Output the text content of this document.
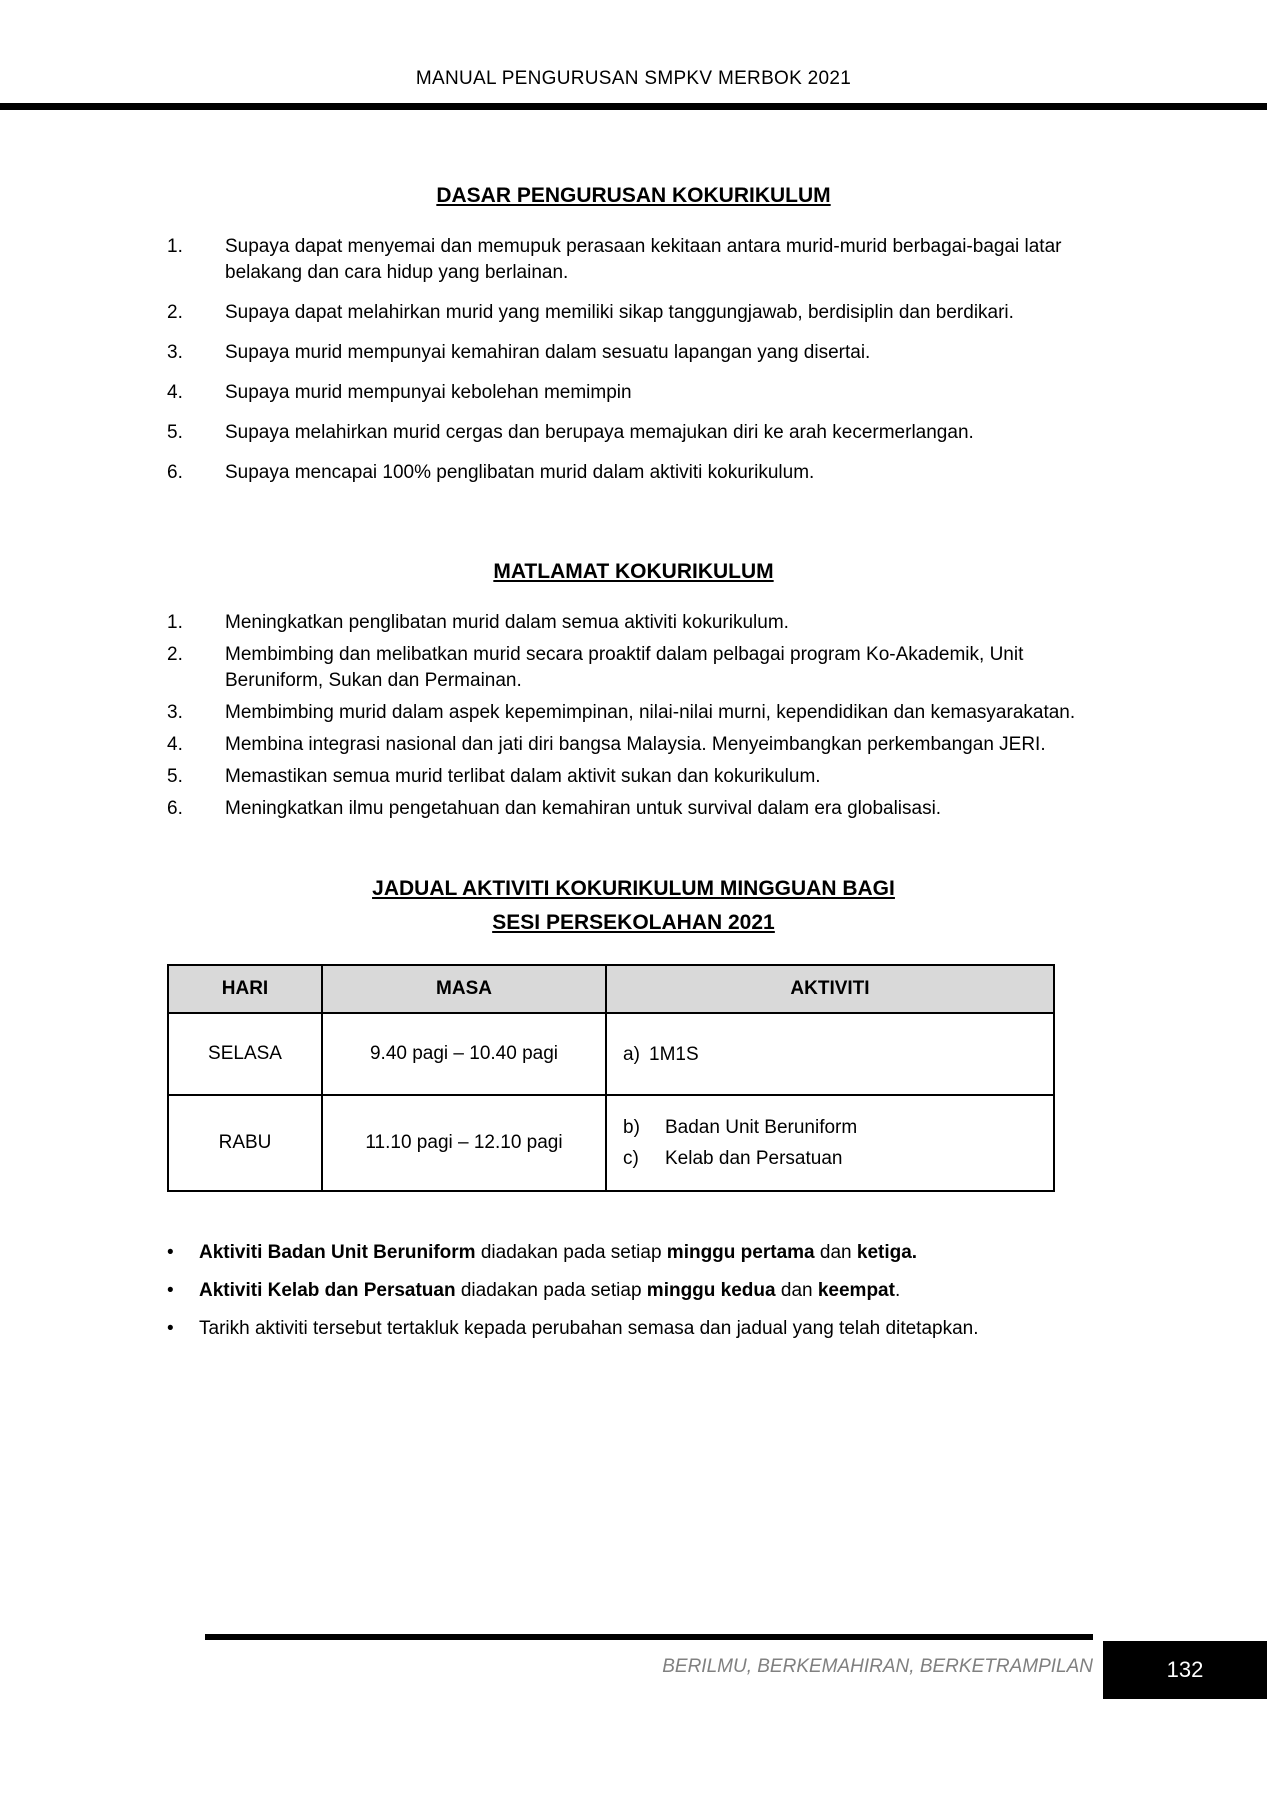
MANUAL PENGURUSAN SMPKV MERBOK 2021
DASAR PENGURUSAN KOKURIKULUM
1.	Supaya dapat menyemai dan memupuk perasaan kekitaan antara murid-murid berbagai-bagai latar belakang dan cara hidup yang berlainan.
2.	Supaya dapat melahirkan murid yang memiliki sikap tanggungjawab, berdisiplin dan berdikari.
3.	Supaya murid mempunyai kemahiran dalam sesuatu lapangan yang disertai.
4.	Supaya murid mempunyai kebolehan memimpin
5.	Supaya melahirkan murid cergas dan berupaya memajukan diri ke arah kecermerlangan.
6.	Supaya mencapai 100% penglibatan murid dalam aktiviti kokurikulum.
MATLAMAT KOKURIKULUM
1.	Meningkatkan penglibatan murid dalam semua aktiviti kokurikulum.
2.	Membimbing dan melibatkan murid secara proaktif dalam pelbagai program Ko-Akademik, Unit Beruniform, Sukan dan Permainan.
3.	Membimbing murid dalam aspek kepemimpinan, nilai-nilai murni, kependidikan dan kemasyarakatan.
4.	Membina integrasi nasional dan jati diri bangsa Malaysia. Menyeimbangkan perkembangan JERI.
5.	Memastikan semua murid terlibat dalam aktivit sukan dan kokurikulum.
6.	Meningkatkan ilmu pengetahuan dan kemahiran untuk survival dalam era globalisasi.
JADUAL AKTIVITI KOKURIKULUM MINGGUAN BAGI
SESI PERSEKOLAHAN 2021
HARI	MASA	AKTIVITI
SELASA	9.40 pagi – 10.40 pagi	a) 1M1S

RABU	11.10 pagi – 12.10 pagi	b) Badan Unit Beruniform
c) Kelab dan Persatuan
•	Aktiviti Badan Unit Beruniform diadakan pada setiap minggu pertama dan ketiga.
•	Aktiviti Kelab dan Persatuan diadakan pada setiap minggu kedua dan keempat.
•	Tarikh aktiviti tersebut tertakluk kepada perubahan semasa dan jadual yang telah ditetapkan.
BERILMU, BERKEMAHIRAN, BERKETRAMPILAN	132
